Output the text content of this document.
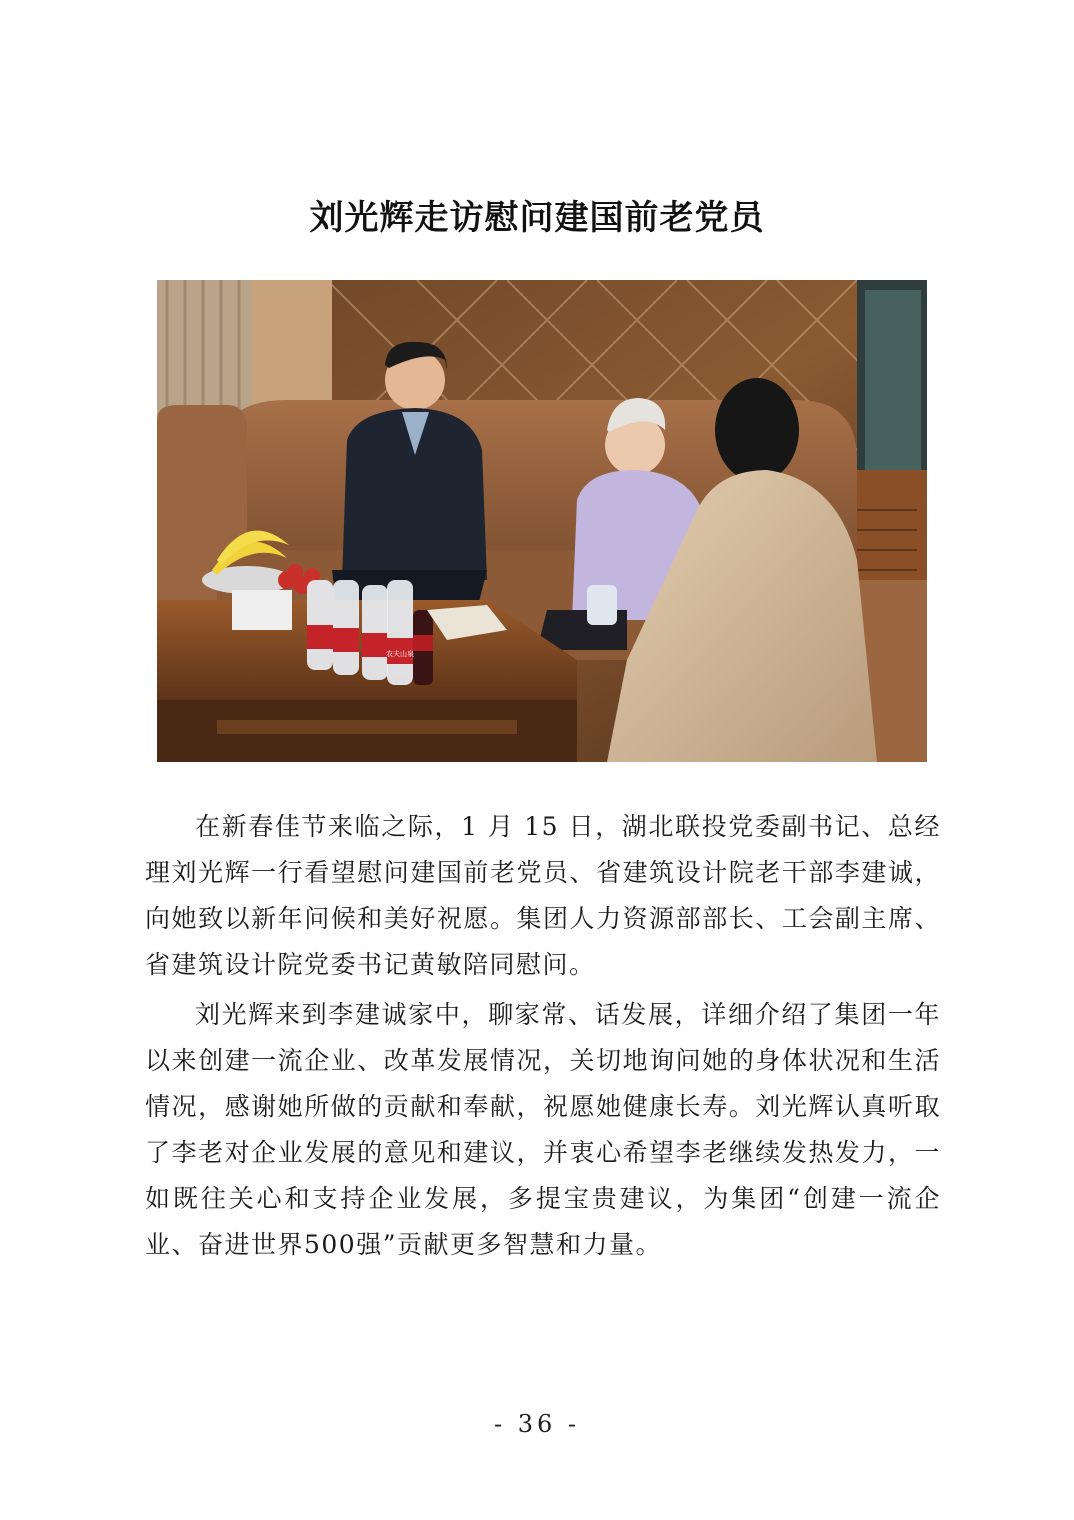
刘光辉走访慰问建国前老党员
农夫山泉

在新春佳节来临之际，1 月 15 日，湖北联投党委副书记、总经理刘光辉一行看望慰问建国前老党员、省建筑设计院老干部李建诚，向她致以新年问候和美好祝愿。集团人力资源部部长、工会副主席、省建筑设计院党委书记黄敏陪同慰问。

刘光辉来到李建诚家中，聊家常、话发展，详细介绍了集团一年以来创建一流企业、改革发展情况，关切地询问她的身体状况和生活情况，感谢她所做的贡献和奉献，祝愿她健康长寿。刘光辉认真听取了李老对企业发展的意见和建议，并衷心希望李老继续发热发力，一如既往关心和支持企业发展，多提宝贵建议，为集团“创建一流企业、奋进世界500强”贡献更多智慧和力量。

- 36 -
